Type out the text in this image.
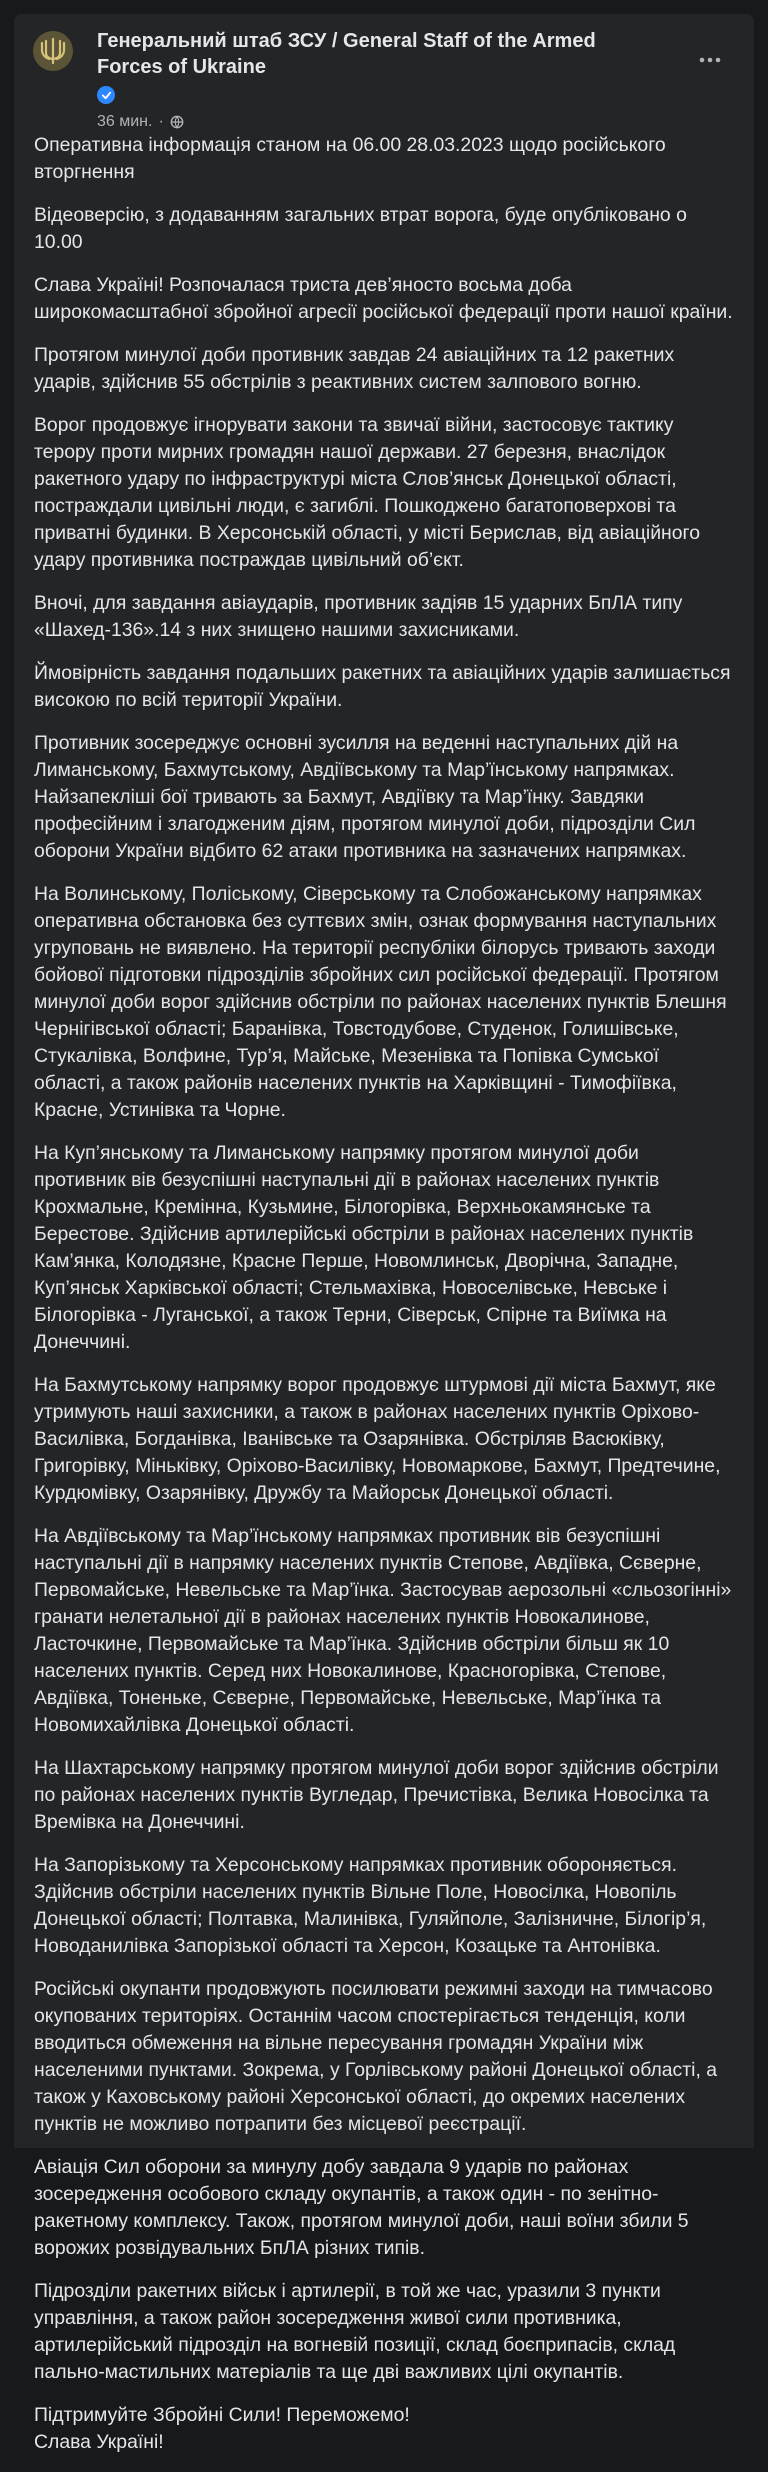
Генеральний штаб ЗСУ / General Staff of the Armed Forces of Ukraine
36 мин. ·

Оперативна інформація станом на 06.00 28.03.2023 щодо російського вторгнення

Відеоверсію, з додаванням загальних втрат ворога, буде опубліковано о 10.00

Слава Україні! Розпочалася триста дев’яносто восьма доба широкомасштабної збройної агресії російської федерації проти нашої країни.

Протягом минулої доби противник завдав 24 авіаційних та 12 ракетних ударів, здійснив 55 обстрілів з реактивних систем залпового вогню.

Ворог продовжує ігнорувати закони та звичаї війни, застосовує тактику терору проти мирних громадян нашої держави. 27 березня, внаслідок ракетного удару по інфраструктурі міста Слов’янськ Донецької області, постраждали цивільні люди, є загиблі. Пошкоджено багатоповерхові та приватні будинки. В Херсонській області, у місті Берислав, від авіаційного удару противника постраждав цивільний об’єкт.

Вночі, для завдання авіаударів, противник задіяв 15 ударних БпЛА типу «Шахед-136».14 з них знищено нашими захисниками.

Ймовірність завдання подальших ракетних та авіаційних ударів залишається високою по всій території України.

Противник зосереджує основні зусилля на веденні наступальних дій на Лиманському, Бахмутському, Авдіївському та Мар’їнському напрямках. Найзапекліші бої тривають за Бахмут, Авдіївку та Мар’їнку. Завдяки професійним і злагодженим діям, протягом минулої доби, підрозділи Сил оборони України відбито 62 атаки противника на зазначених напрямках.

На Волинському, Поліському, Сіверському та Слобожанському напрямках оперативна обстановка без суттєвих змін, ознак формування наступальних угруповань не виявлено. На території республіки білорусь тривають заходи бойової підготовки підрозділів збройних сил російської федерації. Протягом минулої доби ворог здійснив обстріли по районах населених пунктів Блешня Чернігівської області; Баранівка, Товстодубове, Студенок, Голишівське, Стукалівка, Волфине, Тур’я, Майське, Мезенівка та Попівка Сумської області, а також районів населених пунктів на Харківщині - Тимофіївка, Красне, Устинівка та Чорне.

На Куп’янському та Лиманському напрямку протягом минулої доби противник вів безуспішні наступальні дії в районах населених пунктів Крохмальне, Кремінна, Кузьмине, Білогорівка, Верхньокамянське та Берестове. Здійснив артилерійські обстріли в районах населених пунктів Кам’янка, Колодязне, Красне Перше, Новомлинськ, Дворічна, Западне, Куп’янськ Харківської області; Стельмахівка, Новоселівське, Невське і Білогорівка - Луганської, а також Терни, Сіверськ, Спірне та Виїмка на Донеччині.

На Бахмутському напрямку ворог продовжує штурмові дії міста Бахмут, яке утримують наші захисники, а також в районах населених пунктів Оріхово-Василівка, Богданівка, Іванівське та Озарянівка. Обстріляв Васюківку, Григорівку, Міньківку, Оріхово-Василівку, Новомаркове, Бахмут, Предтечине, Курдюмівку, Озарянівку, Дружбу та Майорськ Донецької області.

На Авдіївському та Мар’їнському напрямках противник вів безуспішні наступальні дії в напрямку населених пунктів Степове, Авдіївка, Сєверне, Первомайське, Невельське та Мар’їнка. Застосував аерозольні «сльозогінні» гранати нелетальної дії в районах населених пунктів Новокалинове, Ласточкине, Первомайське та Мар’їнка. Здійснив обстріли більш як 10 населених пунктів. Серед них Новокалинове, Красногорівка, Степове, Авдіївка, Тоненьке, Сєверне, Первомайське, Невельське, Мар’їнка та Новомихайлівка Донецької області.

На Шахтарському напрямку протягом минулої доби ворог здійснив обстріли по районах населених пунктів Вугледар, Пречистівка, Велика Новосілка та Времівка на Донеччині.

На Запорізькому та Херсонському напрямках противник обороняється. Здійснив обстріли населених пунктів Вільне Поле, Новосілка, Новопіль Донецької області; Полтавка, Малинівка, Гуляйполе, Залізничне, Білогір’я, Новоданилівка Запорізької області та Херсон, Козацьке та Антонівка.

Російські окупанти продовжують посилювати режимні заходи на тимчасово окупованих територіях. Останнім часом спостерігається тенденція, коли вводиться обмеження на вільне пересування громадян України між населеними пунктами. Зокрема, у Горлівському районі Донецької області, а також у Каховському районі Херсонської області, до окремих населених пунктів не можливо потрапити без місцевої реєстрації.

Авіація Сил оборони за минулу добу завдала 9 ударів по районах зосередження особового складу окупантів, а також один - по зенітно-ракетному комплексу. Також, протягом минулої доби, наші воїни збили 5 ворожих розвідувальних БпЛА різних типів.

Підрозділи ракетних військ і артилерії, в той же час, уразили 3 пункти управління, а також район зосередження живої сили противника, артилерійський підрозділ на вогневій позиції, склад боєприпасів, склад пально-мастильних матеріалів та ще дві важливих цілі окупантів.

Підтримуйте Збройні Сили! Переможемо!
Слава Україні!
